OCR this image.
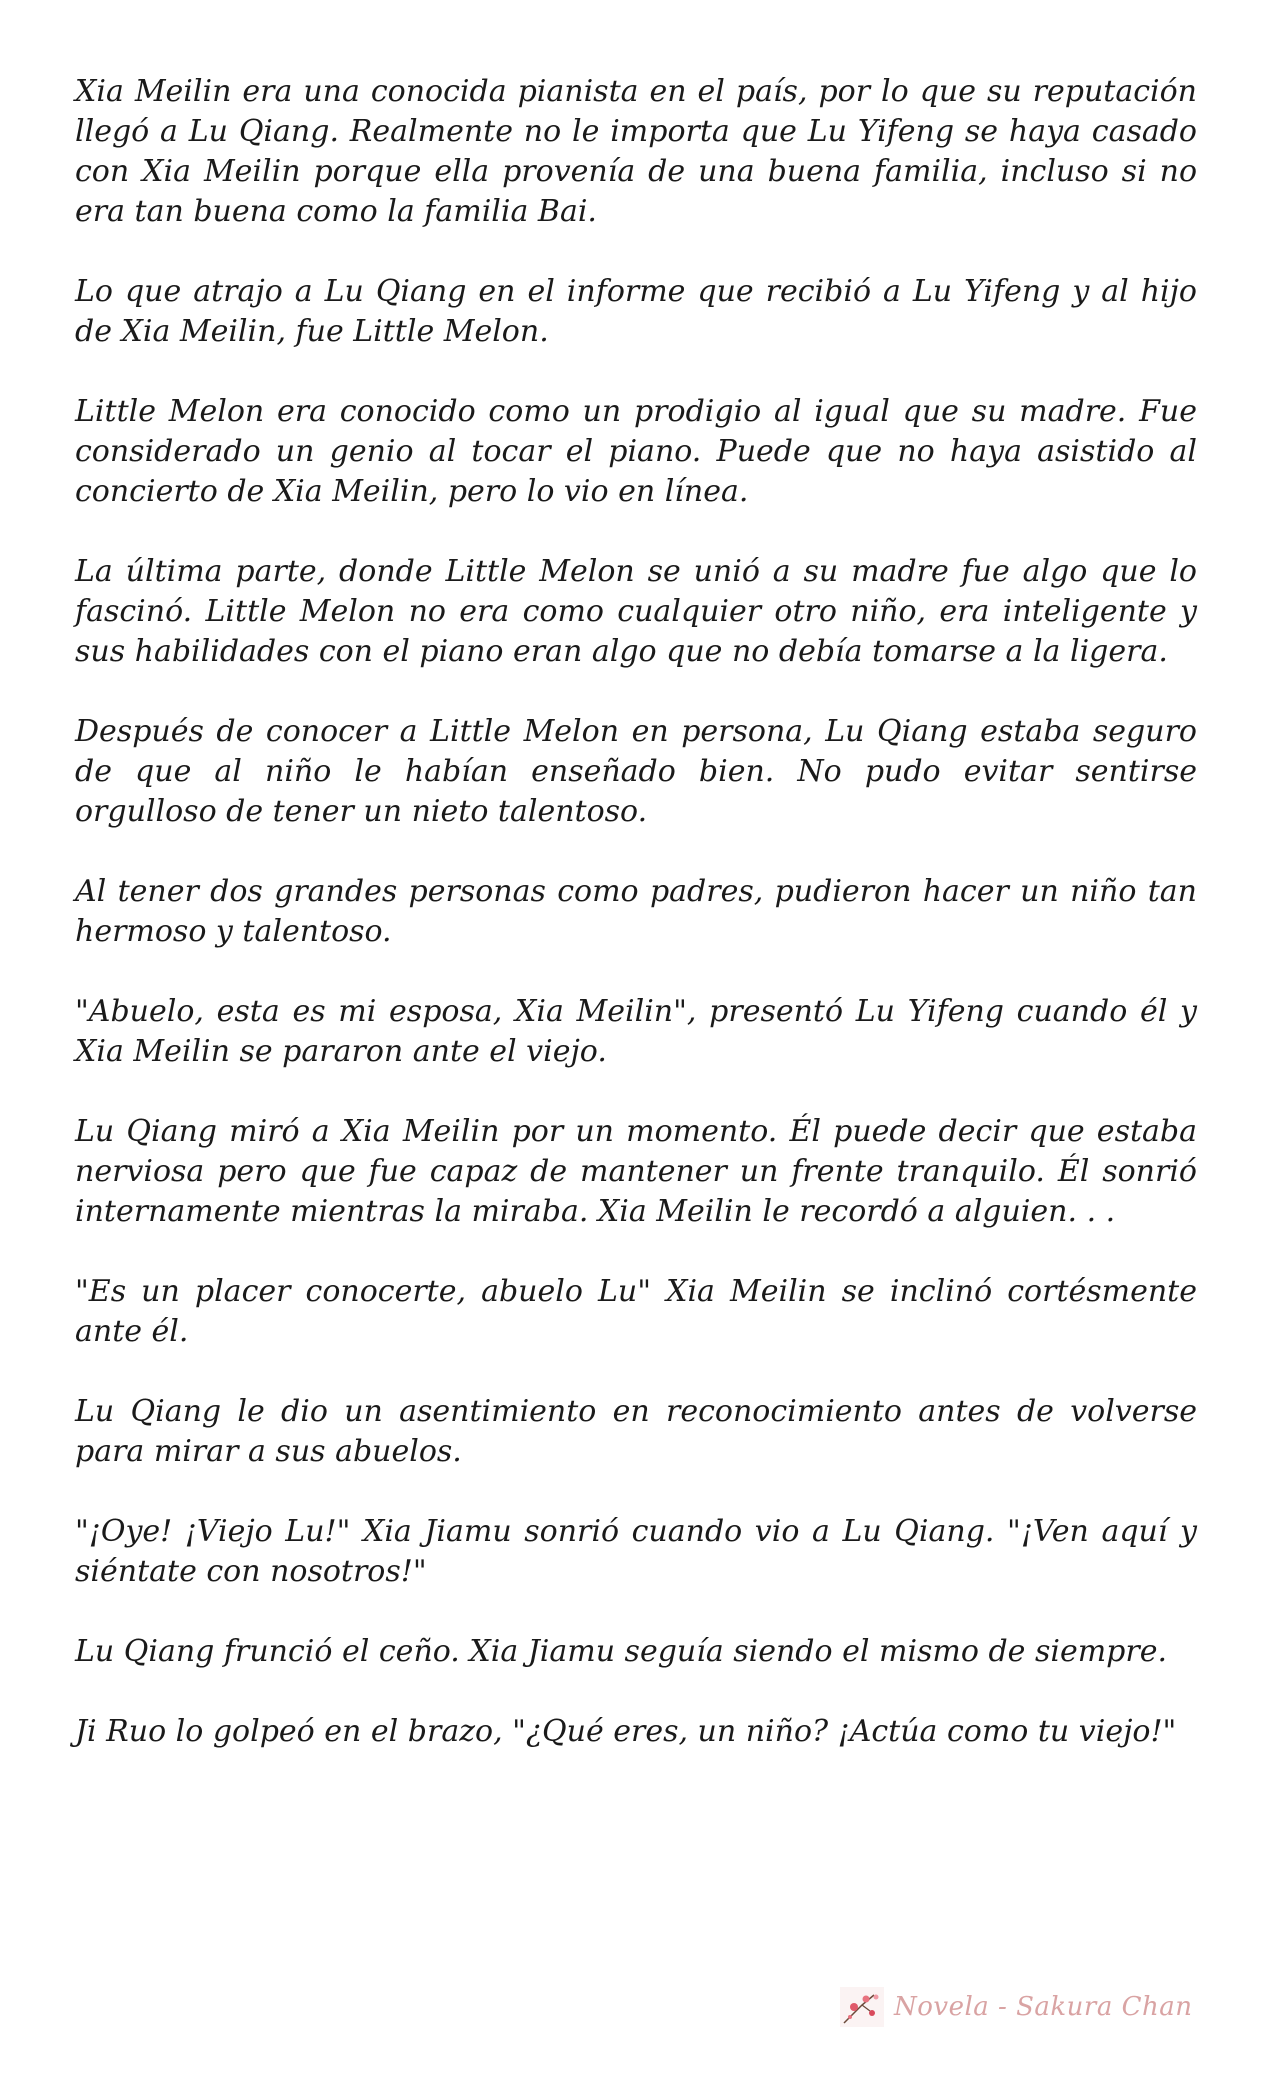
Xia Meilin era una conocida pianista en el país, por lo que su reputación llegó a Lu Qiang. Realmente no le importa que Lu Yifeng se haya casado con Xia Meilin porque ella provenía de una buena familia, incluso si no era tan buena como la familia Bai.

Lo que atrajo a Lu Qiang en el informe que recibió a Lu Yifeng y al hijo de Xia Meilin, fue Little Melon.

Little Melon era conocido como un prodigio al igual que su madre. Fue considerado un genio al tocar el piano. Puede que no haya asistido al concierto de Xia Meilin, pero lo vio en línea.

La última parte, donde Little Melon se unió a su madre fue algo que lo fascinó. Little Melon no era como cualquier otro niño, era inteligente y sus habilidades con el piano eran algo que no debía tomarse a la ligera.

Después de conocer a Little Melon en persona, Lu Qiang estaba seguro de que al niño le habían enseñado bien. No pudo evitar sentirse orgulloso de tener un nieto talentoso.

Al tener dos grandes personas como padres, pudieron hacer un niño tan hermoso y talentoso.

"Abuelo, esta es mi esposa, Xia Meilin", presentó Lu Yifeng cuando él y Xia Meilin se pararon ante el viejo.

Lu Qiang miró a Xia Meilin por un momento. Él puede decir que estaba nerviosa pero que fue capaz de mantener un frente tranquilo. Él sonrió internamente mientras la miraba. Xia Meilin le recordó a alguien. . .

"Es un placer conocerte, abuelo Lu" Xia Meilin se inclinó cortésmente ante él.

Lu Qiang le dio un asentimiento en reconocimiento antes de volverse para mirar a sus abuelos.

"¡Oye! ¡Viejo Lu!" Xia Jiamu sonrió cuando vio a Lu Qiang. "¡Ven aquí y siéntate con nosotros!"

Lu Qiang frunció el ceño. Xia Jiamu seguía siendo el mismo de siempre.

Ji Ruo lo golpeó en el brazo, "¿Qué eres, un niño? ¡Actúa como tu viejo!"

Novela - Sakura Chan
